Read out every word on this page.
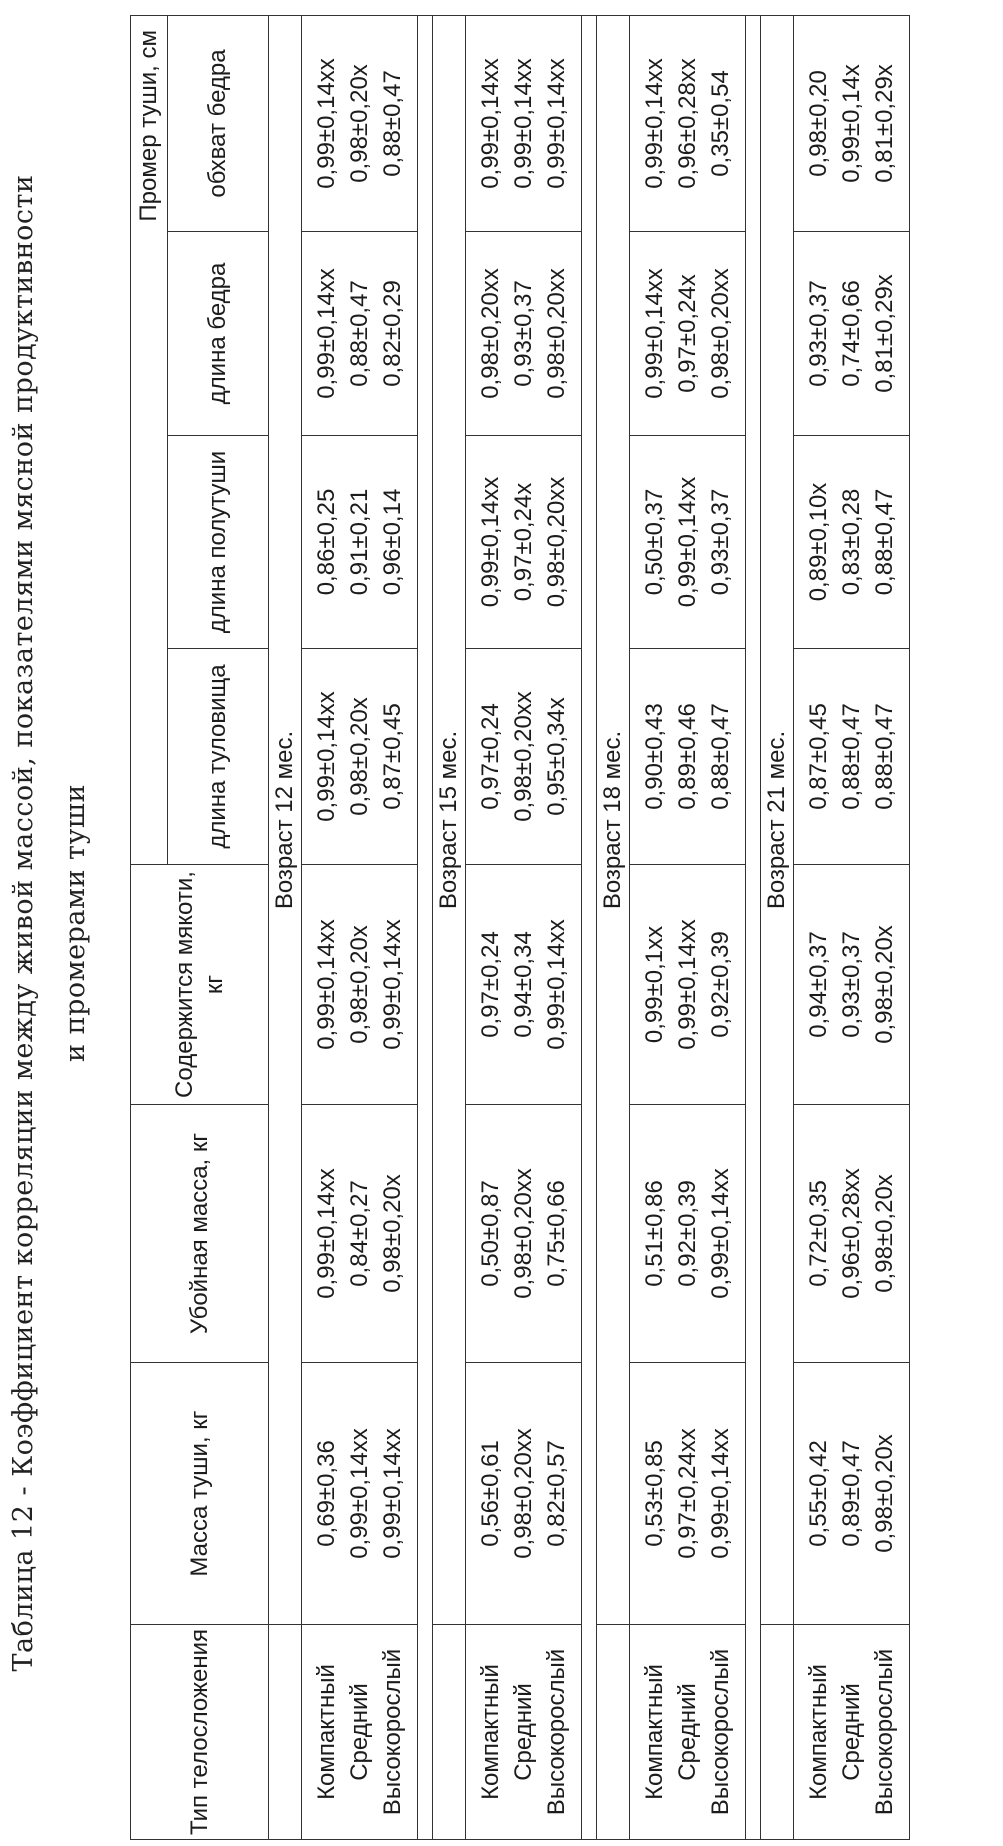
Таблица 12 - Коэффициент корреляции между живой массой, показателями мясной продуктивности и промерами туши
Тип телосложения	Масса туши, кг	Убойная масса, кг	Содержится мякоти, кг	Промер туши, см			
				длина туловища	длина полутуши	длина бедра	обхват бедра
	Возраст 12 мес.						

Компактный Средний Высокорослый	0,69±0,36 0,99±0,14хх 0,99±0,14хх	0,99±0,14хх 0,84±0,27 0,98±0,20х	0,99±0,14хх 0,98±0,20х 0,99±0,14хх	0,99±0,14хх 0,98±0,20х 0,87±0,45	0,86±0,25 0,91±0,21 0,96±0,14	0,99±0,14хх 0,88±0,47 0,82±0,29	0,99±0,14хх 0,98±0,20х 0,88±0,47

	Возраст 15 мес.						

Компактный Средний Высокорослый	0,56±0,61 0,98±0,20хх 0,82±0,57	0,50±0,87 0,98±0,20хх 0,75±0,66	0,97±0,24 0,94±0,34 0,99±0,14хх	0,97±0,24 0,98±0,20хх 0,95±0,34х	0,99±0,14хх 0,97±0,24х 0,98±0,20хх	0,98±0,20хх 0,93±0,37 0,98±0,20хх	0,99±0,14хх 0,99±0,14хх 0,99±0,14хх

	Возраст 18 мес.						

Компактный Средний Высокорослый	0,53±0,85 0,97±0,24хх 0,99±0,14хх	0,51±0,86 0,92±0,39 0,99±0,14хх	0,99±0,1хх 0,99±0,14хх 0,92±0,39	0,90±0,43 0,89±0,46 0,88±0,47	0,50±0,37 0,99±0,14хх 0,93±0,37	0,99±0,14хх 0,97±0,24х 0,98±0,20хх	0,99±0,14хх 0,96±0,28хх 0,35±0,54

	Возраст 21 мес.						

Компактный Средний Высокорослый	0,55±0,42 0,89±0,47 0,98±0,20х	0,72±0,35 0,96±0,28хх 0,98±0,20х	0,94±0,37 0,93±0,37 0,98±0,20х	0,87±0,45 0,88±0,47 0,88±0,47	0,89±0,10х 0,83±0,28 0,88±0,47	0,93±0,37 0,74±0,66 0,81±0,29х	0,98±0,20 0,99±0,14х 0,81±0,29х
